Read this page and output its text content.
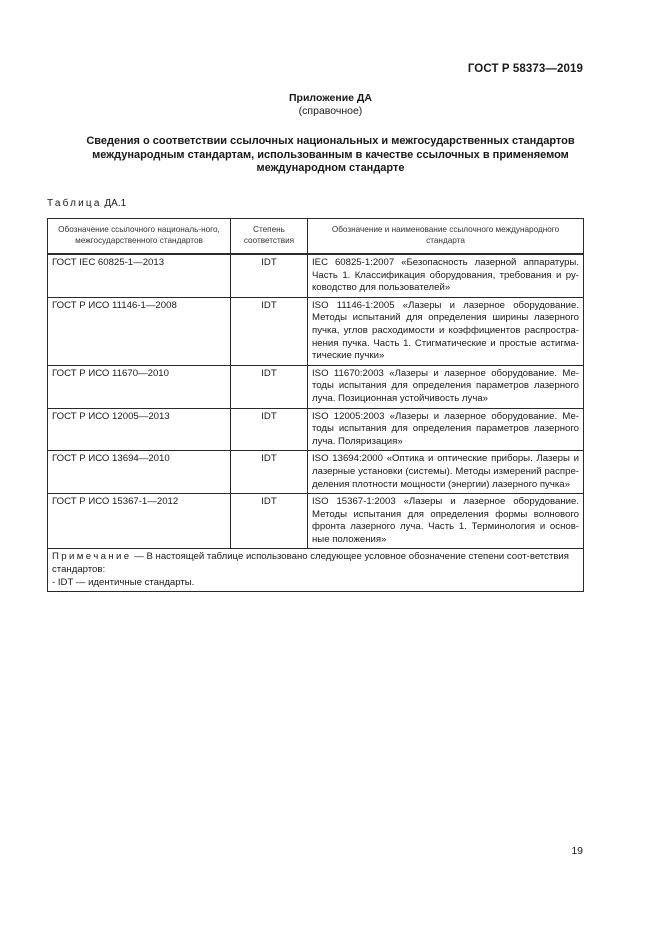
ГОСТ Р 58373—2019
Приложение ДА
(справочное)
Сведения о соответствии ссылочных национальных и межгосударственных стандартов
международным стандартам, использованным в качестве ссылочных в применяемом
международном стандарте
Таблица ДА.1
Обозначение ссылочного националь-ного, межгосударственного стандартов	Степень соответствия	Обозначение и наименование ссылочного международного стандарта
ГОСТ IEC 60825-1—2013	IDT	IEC 60825-1:2007 «Безопасность лазерной аппаратуры. Часть 1. Классификация оборудования, требования и ру-ководство для пользователей»
ГОСТ Р ИСО 11146-1—2008	IDT	ISO 11146-1:2005 «Лазеры и лазерное оборудование. Методы испытаний для определения ширины лазерного пучка, углов расходимости и коэффициентов распростра-нения пучка. Часть 1. Стигматические и простые астигма-тические пучки»
ГОСТ Р ИСО 11670—2010	IDT	ISO 11670:2003 «Лазеры и лазерное оборудование. Ме-тоды испытания для определения параметров лазерного луча. Позиционная устойчивость луча»
ГОСТ Р ИСО 12005—2013	IDT	ISO 12005:2003 «Лазеры и лазерное оборудование. Ме-тоды испытания для определения параметров лазерного луча. Поляризация»
ГОСТ Р ИСО 13694—2010	IDT	ISO 13694:2000 «Оптика и оптические приборы. Лазеры и лазерные установки (системы). Методы измерений распре-деления плотности мощности (энергии) лазерного пучка»
ГОСТ Р ИСО 15367-1—2012	IDT	ISO 15367-1:2003 «Лазеры и лазерное оборудование. Методы испытания для определения формы волнового фронта лазерного луча. Часть 1. Терминология и основ-ные положения»

Примечание — В настоящей таблице использовано следующее условное обозначение степени соот-ветствия стандартов:
- IDT — идентичные стандарты.		
19
